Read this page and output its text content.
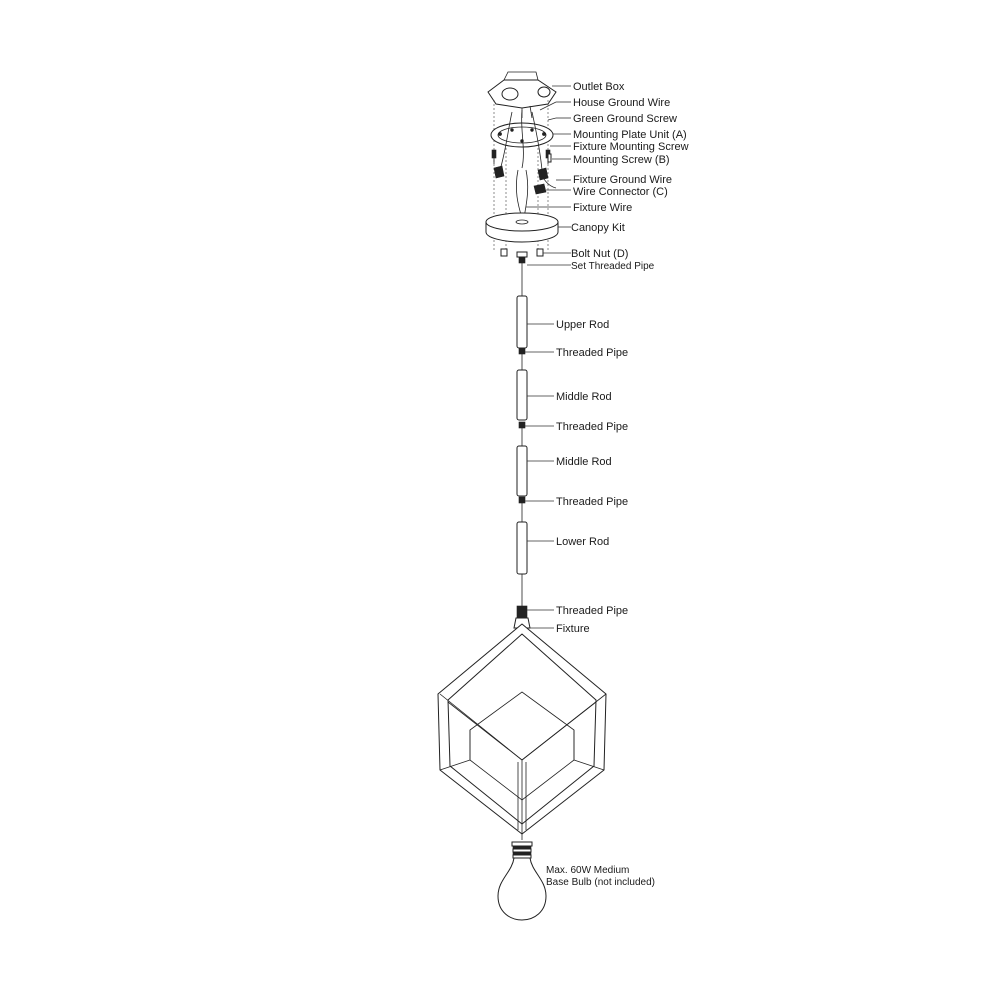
Outlet Box
House Ground Wire
Green Ground Screw
Mounting Plate Unit (A)
Fixture Mounting Screw
Mounting Screw (B)
Fixture Ground Wire
Wire Connector (C)
Fixture Wire
Canopy Kit
Bolt Nut (D)
Set Threaded Pipe
Upper Rod
Threaded Pipe
Middle Rod
Threaded Pipe
Middle Rod
Threaded Pipe
Lower Rod
Threaded Pipe
Fixture
Max. 60W Medium
Base Bulb (not included)
